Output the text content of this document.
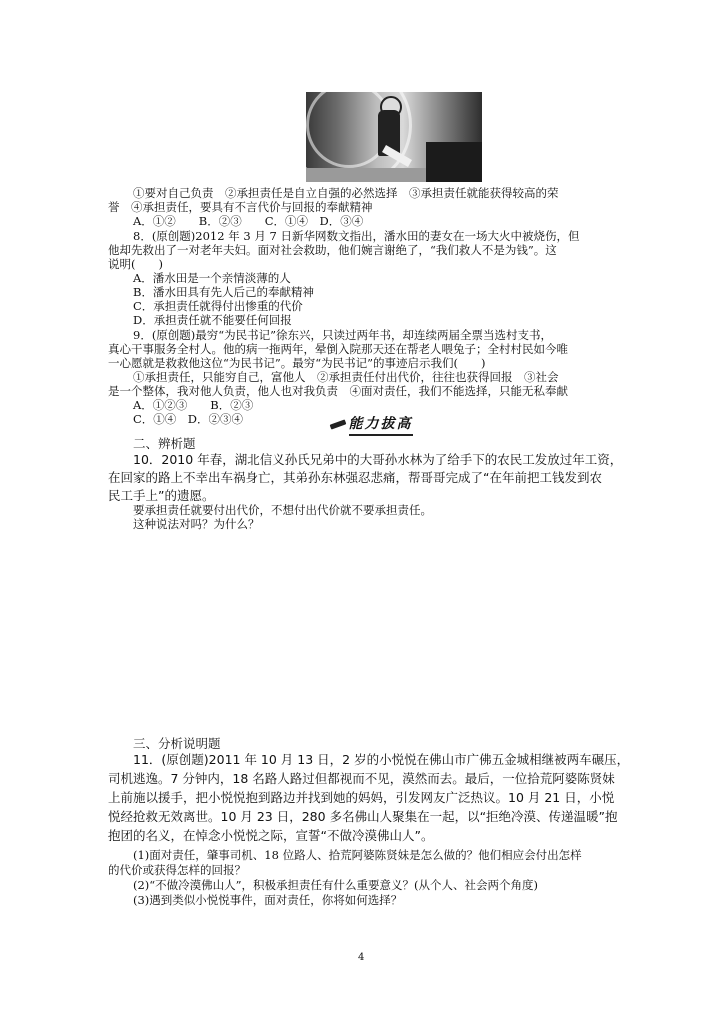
①要对自己负责　②承担责任是自立自强的必然选择　③承担责任就能获得较高的荣
誉　④承担责任，要具有不言代价与回报的奉献精神
A．①②　　B．②③　　C．①④　D．③④
8．(原创题)2012 年 3 月 7 日新华网数文指出，潘水田的妻女在一场大火中被烧伤，但
他却先救出了一对老年夫妇。面对社会救助，他们婉言谢绝了，“我们救人不是为钱”。这
说明(　　)
A．潘水田是一个亲情淡薄的人
B．潘水田具有先人后己的奉献精神
C．承担责任就得付出惨重的代价
D．承担责任就不能要任何回报
9．(原创题)最穷“为民书记”徐东兴，只读过两年书，却连续两届全票当选村支书，
真心干事服务全村人。他的病一拖两年，晕倒入院那天还在帮老人喂兔子；全村村民如今唯
一心愿就是救救他这位“为民书记”。最穷“为民书记”的事迹启示我们(　　)
①承担责任，只能穷自己，富他人　②承担责任付出代价，往往也获得回报　③社会
是一个整体，我对他人负责，他人也对我负责　④面对责任，我们不能选择，只能无私奉献
A．①②③　　B．②③
C．①④　D．②③④	能力拔高
二、辨析题
10．2010 年春，湖北信义孙氏兄弟中的大哥孙水林为了给手下的农民工发放过年工资，
在回家的路上不幸出车祸身亡，其弟孙东林强忍悲痛，帮哥哥完成了“在年前把工钱发到农
民工手上”的遗愿。
要承担责任就要付出代价，不想付出代价就不要承担责任。
这种说法对吗？为什么？
三、分析说明题
11．(原创题)2011 年 10 月 13 日，2 岁的小悦悦在佛山市广佛五金城相继被两车碾压，
司机逃逸。7 分钟内，18 名路人路过但都视而不见，漠然而去。最后，一位拾荒阿婆陈贤妹
上前施以援手，把小悦悦抱到路边并找到她的妈妈，引发网友广泛热议。10 月 21 日，小悦
悦经抢救无效离世。10 月 23 日，280 多名佛山人聚集在一起，以“拒绝冷漠、传递温暖”抱
抱团的名义，在悼念小悦悦之际，宣誓“不做冷漠佛山人”。
(1)面对责任，肇事司机、18 位路人、拾荒阿婆陈贤妹是怎么做的？他们相应会付出怎样
的代价或获得怎样的回报？
(2)“不做冷漠佛山人”，积极承担责任有什么重要意义？(从个人、社会两个角度)
(3)遇到类似小悦悦事件，面对责任，你将如何选择？
4
